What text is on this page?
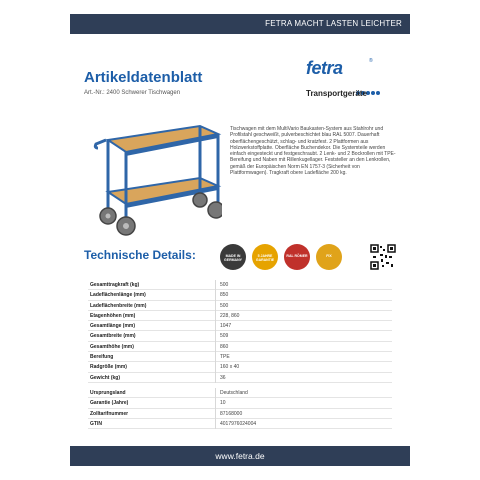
FETRA MACHT LASTEN LEICHTER
Artikeldatenblatt
Art.-Nr.: 2400 Schwerer Tischwagen
fetra	®
Transportgeräte
Tischwagen mit dem MultiVario Baukasten-System aus Stahlrohr und Profilstahl geschweißt, pulverbeschichtet blau RAL 5007. Dauerhaft oberflächengeschützt, schlag- und kratzfest. 2 Plattformen aus Holzwerkstoffplatte. Oberfläche Buchendekor. Die Systemteile werden einfach eingesteckt und festgeschraubt. 2 Lenk- und 2 Bockrollen mit TPE-Bereifung und Naben mit Rillenkugellager. Feststeller an den Lenkrollen, gemäß der Europäischen Norm EN 1757-3 (Sicherheit von Plattformwagen). Tragkraft obere Ladefläche 200 kg.
Technische Details:	MADE IN GERMANY
5 JAHRE GARANTIE
RAL RÖMER	FIX
Gesamttragkraft (kg)	500
Ladeflächenlänge (mm)	850
Ladeflächenbreite (mm)	500
Etagenhöhen (mm)	228, 860
Gesamtlänge (mm)	1047
Gesamtbreite (mm)	509
Gesamthöhe (mm)	860
Bereifung	TPE
Radgröße (mm)	160 x 40
Gewicht (kg)	36
Ursprungsland	Deutschland
Garantie (Jahre)	10
Zolltarifnummer	87168000
GTIN	4017976024004
www.fetra.de
